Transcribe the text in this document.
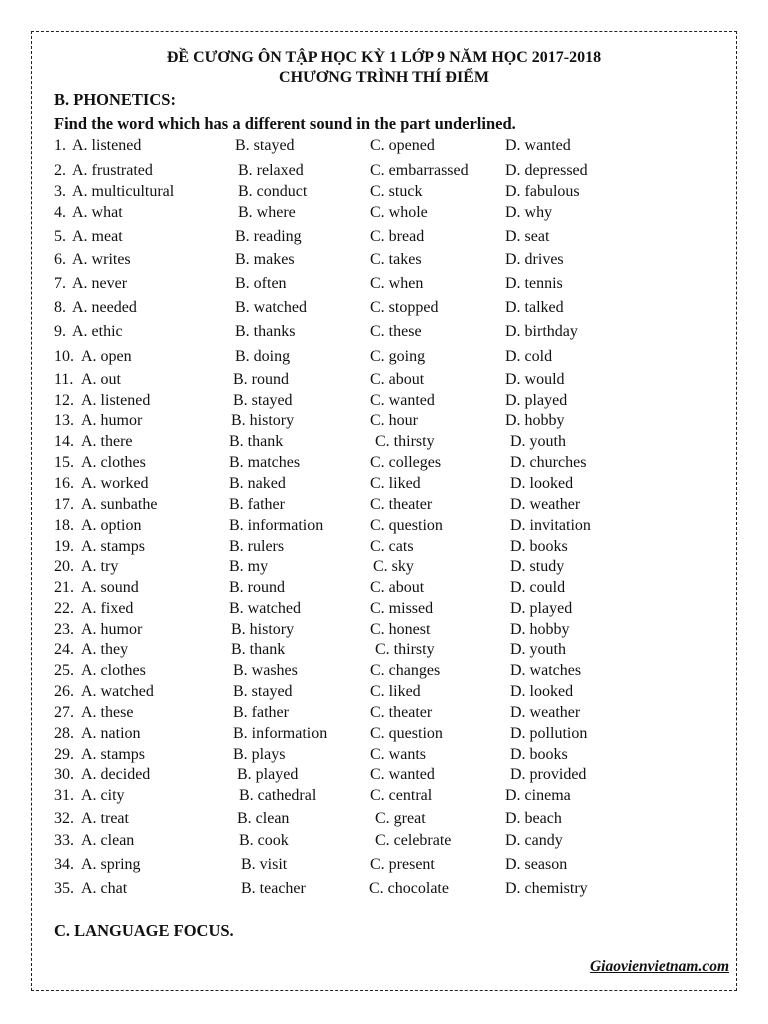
ĐỀ CƯƠNG ÔN TẬP HỌC KỲ 1 LỚP 9 NĂM HỌC 2017-2018
CHƯƠNG TRÌNH THÍ ĐIỂM
B. PHONETICS:
Find the word which has a different sound in the part underlined.
1. A. listened	B. stayed	C. opened	D. wanted
2. A. frustrated	B. relaxed	C. embarrassed D. depressed
3. A. multicultural	B. conduct	C. stuck	D. fabulous
4. A. what	B. where	C. whole	D. why
5. A. meat	B. reading	C. bread	D. seat
6. A. writes	B. makes	C. takes	D. drives
7. A. never	B. often	C. when	D. tennis
8. A. needed	B. watched	C. stopped	D. talked
9. A. ethic	B. thanks	C. these	D. birthday
10. A. open	B. doing	C. going	D. cold
11. A. out	B. round	C. about	D. would
12. A. listened	B. stayed	C. wanted	D. played
13. A. humor	B. history	C. hour	D. hobby
14. A. there	B. thank	C. thirsty	D. youth
15. A. clothes	B. matches	C. colleges	D. churches
16. A. worked	B. naked	C. liked	D. looked
17. A. sunbathe	B. father	C. theater	D. weather
18. A. option	B. information	C. question	D. invitation
19. A. stamps	B. rulers	C. cats	D. books
20. A. try	B. my	C. sky	D. study
21. A. sound	B. round	C. about	D. could
22. A. fixed	B. watched	C. missed	D. played
23. A. humor	B. history	C. honest	D. hobby
24. A. they	B. thank	C. thirsty	D. youth
25. A. clothes	B. washes	C. changes	D. watches
26. A. watched	B. stayed	C. liked	D. looked
27. A. these	B. father	C. theater	D. weather
28. A. nation	B. information	C. question	D. pollution
29. A. stamps	B. plays	C. wants	D. books
30. A. decided	B. played	C. wanted	D. provided
31. A. city	B. cathedral	C. central	D. cinema
32. A. treat	B. clean	C. great	D. beach
33. A. clean	B. cook	C. celebrate	D. candy
34. A. spring	B. visit	C. present	D. season
35. A. chat	B. teacher	C. chocolate	D. chemistry
C. LANGUAGE FOCUS.
Giaovienvietnam.com
